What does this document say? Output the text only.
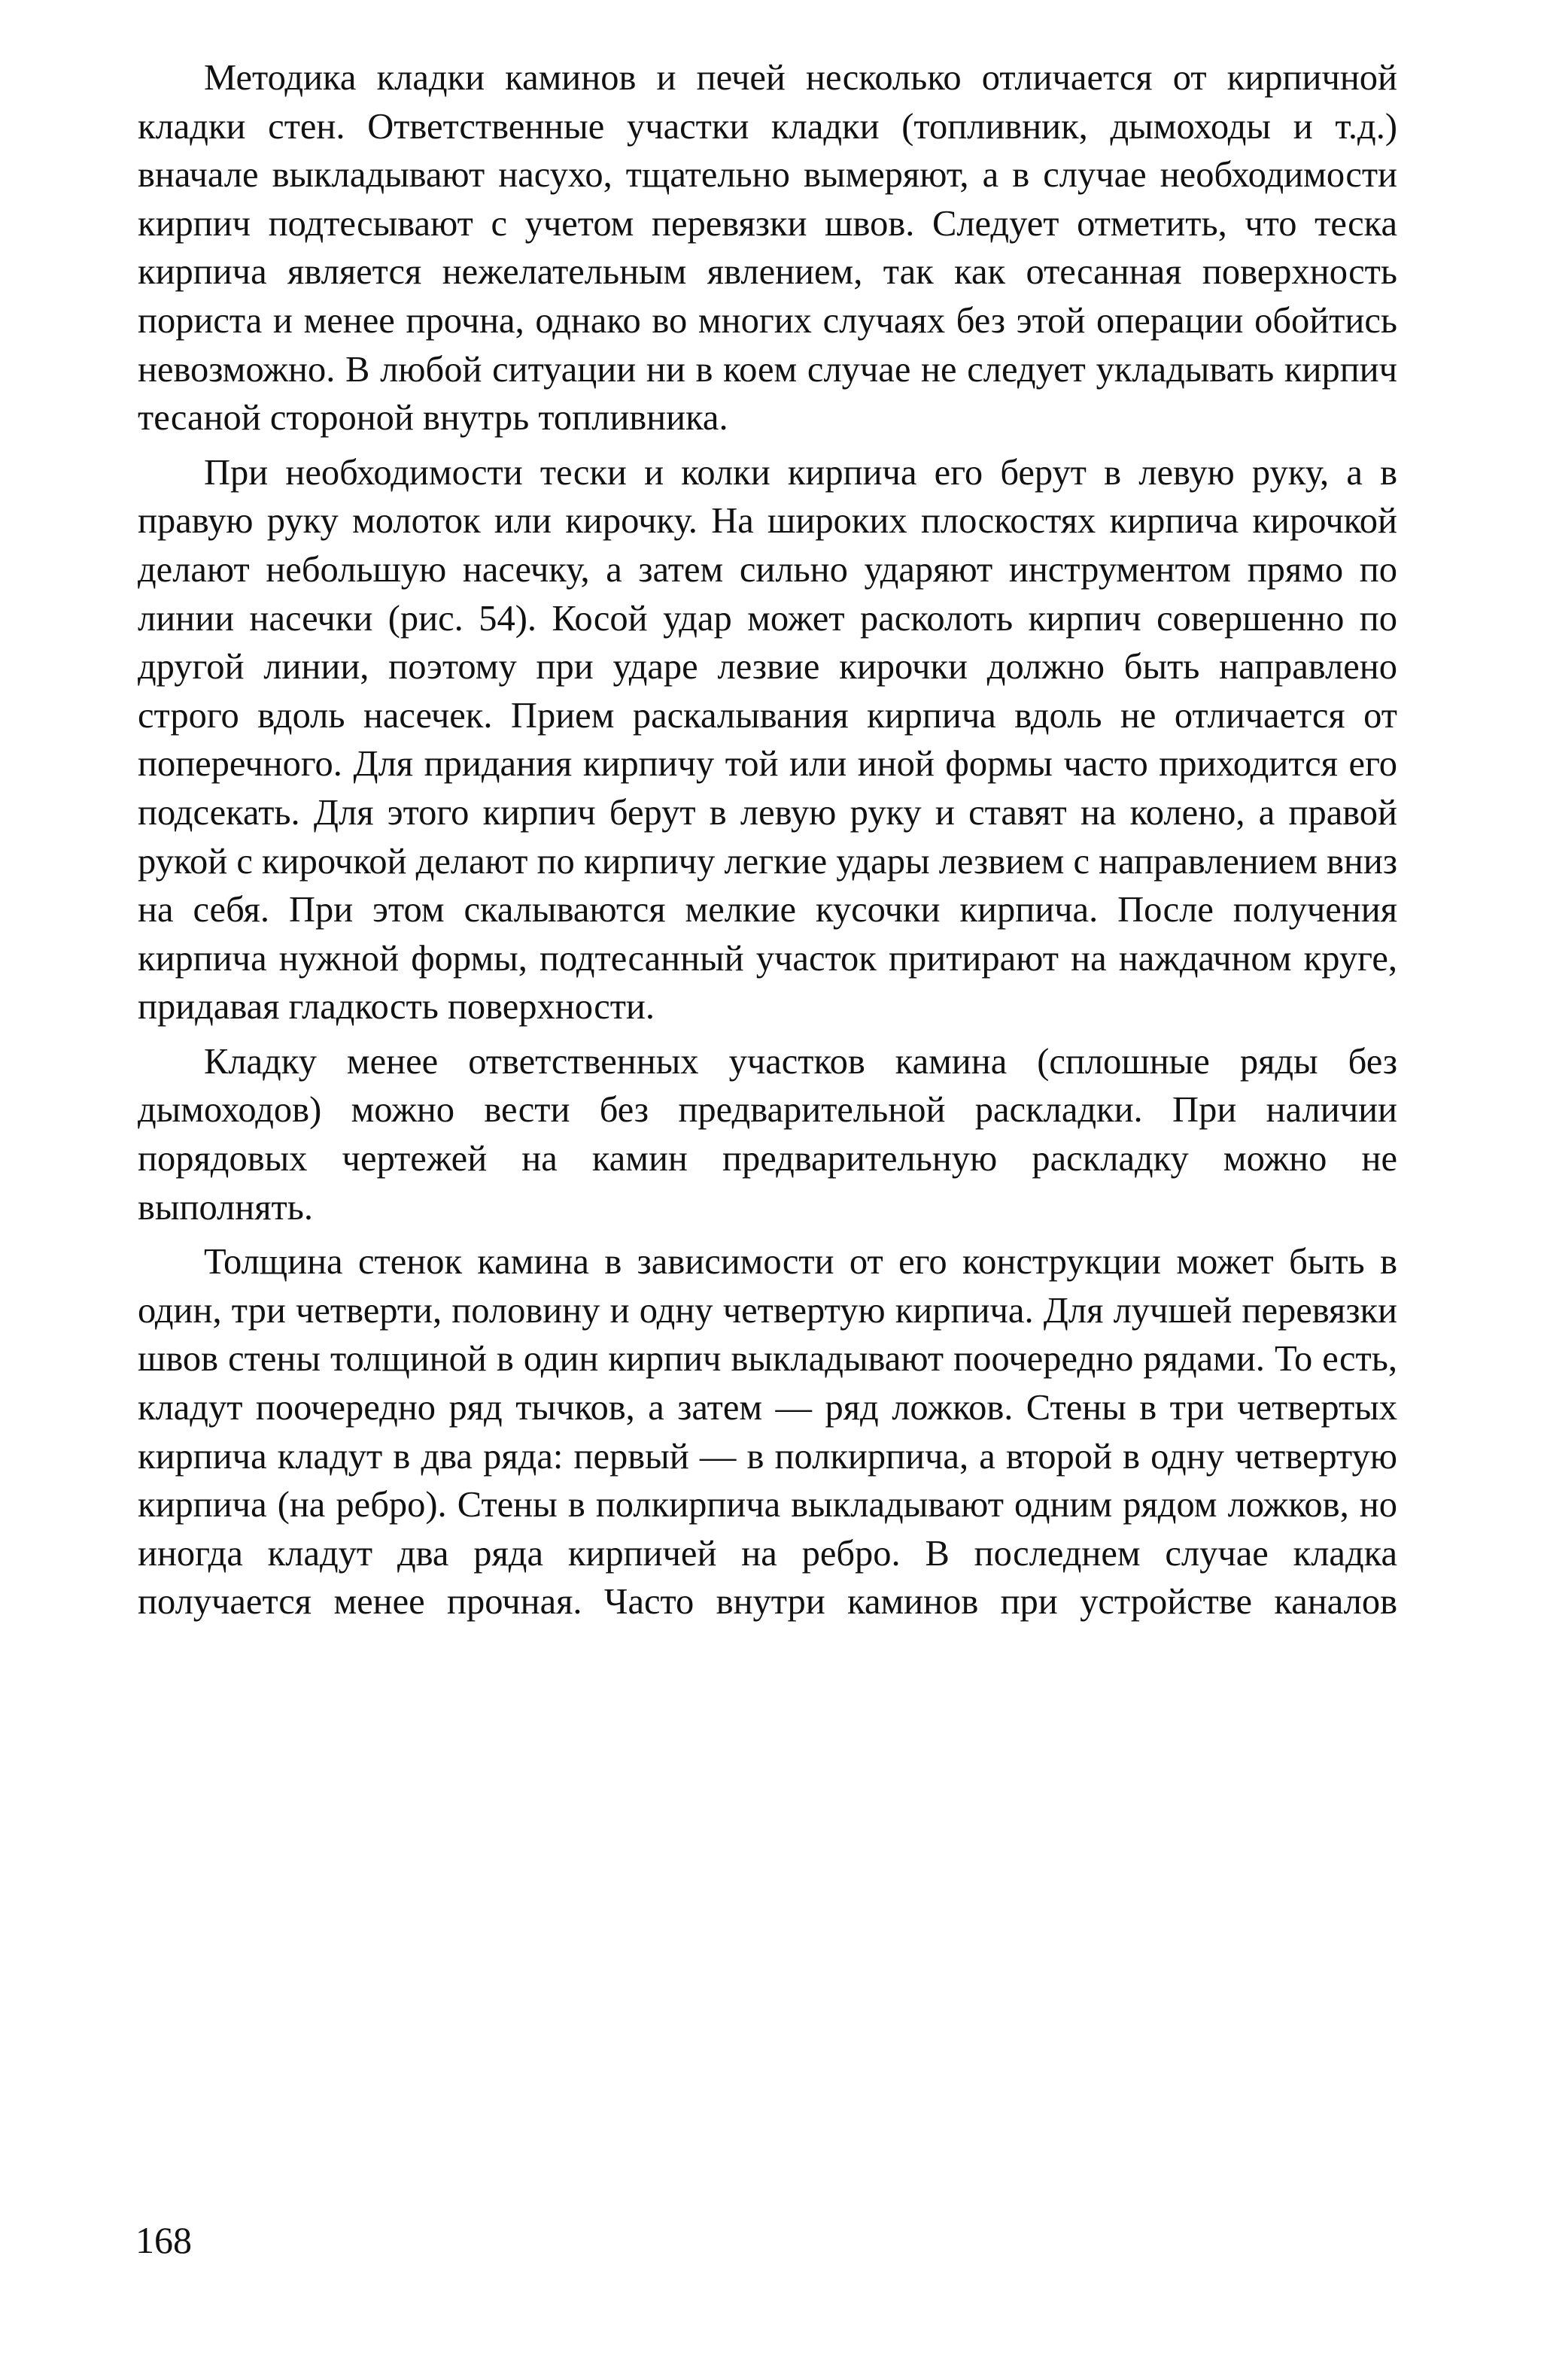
Методика кладки каминов и печей несколько отличается от кирпичной кладки стен. Ответственные участки кладки (топливник, дымоходы и т.д.) вначале выкладывают насухо, тщательно вымеряют, а в случае необходимости кирпич подтесывают с учетом перевязки швов. Следует отметить, что теска кирпича является нежелательным явлением, так как отесанная поверхность пориста и менее прочна, однако во многих случаях без этой операции обойтись невозможно. В любой ситуации ни в коем случае не следует укладывать кирпич тесаной стороной внутрь топливника.

При необходимости тески и колки кирпича его берут в левую руку, а в правую руку молоток или кирочку. На широких плоскостях кирпича кирочкой делают небольшую насечку, а затем сильно ударяют инструментом прямо по линии насечки (рис. 54). Косой удар может расколоть кирпич совершенно по другой линии, поэтому при ударе лезвие кирочки должно быть направлено строго вдоль насечек. Прием раскалывания кирпича вдоль не отличается от поперечного. Для придания кирпичу той или иной формы часто приходится его подсекать. Для этого кирпич берут в левую руку и ставят на колено, а правой рукой с кирочкой делают по кирпичу легкие удары лезвием с направлением вниз на себя. При этом скалываются мелкие кусочки кирпича. После получения кирпича нужной формы, подтесанный участок притирают на наждачном круге, придавая гладкость поверхности.

Кладку менее ответственных участков камина (сплошные ряды без дымоходов) можно вести без предварительной раскладки. При наличии порядовых чертежей на камин предварительную раскладку можно не выполнять.

Толщина стенок камина в зависимости от его конструкции может быть в один, три четверти, половину и одну четвертую кирпича. Для лучшей перевязки швов стены толщиной в один кирпич выкладывают поочередно рядами. То есть, кладут поочередно ряд тычков, а затем — ряд ложков. Стены в три четвертых кирпича кладут в два ряда: первый — в полкирпича, а второй в одну четвертую кирпича (на ребро). Стены в полкирпича выкладывают одним рядом ложков, но иногда кладут два ряда кирпичей на ребро. В последнем случае кладка получается менее прочная. Часто внутри каминов при устройстве каналов

168
